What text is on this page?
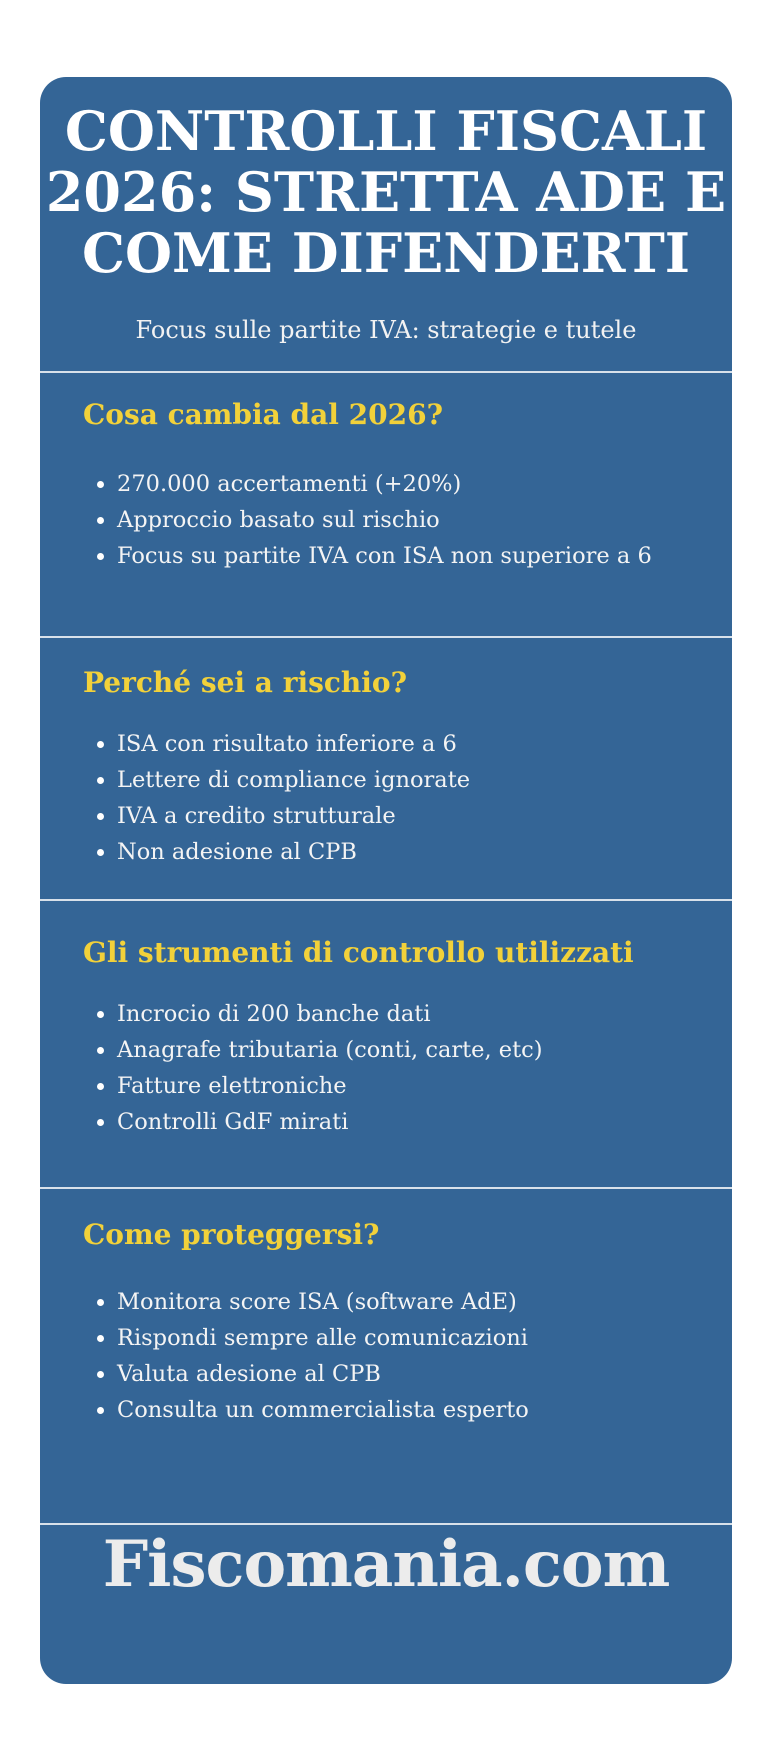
CONTROLLI FISCALI
2026: STRETTA ADE E
COME DIFENDERTI
Focus sulle partite IVA: strategie e tutele
Cosa cambia dal 2026?
270.000 accertamenti (+20%)
Approccio basato sul rischio
Focus su partite IVA con ISA non superiore a 6
Perché sei a rischio?
ISA con risultato inferiore a 6
Lettere di compliance ignorate
IVA a credito strutturale
Non adesione al CPB
Gli strumenti di controllo utilizzati
Incrocio di 200 banche dati
Anagrafe tributaria (conti, carte, etc)
Fatture elettroniche
Controlli GdF mirati
Come proteggersi?
Monitora score ISA (software AdE)
Rispondi sempre alle comunicazioni
Valuta adesione al CPB
Consulta un commercialista esperto
Fiscomania.com
